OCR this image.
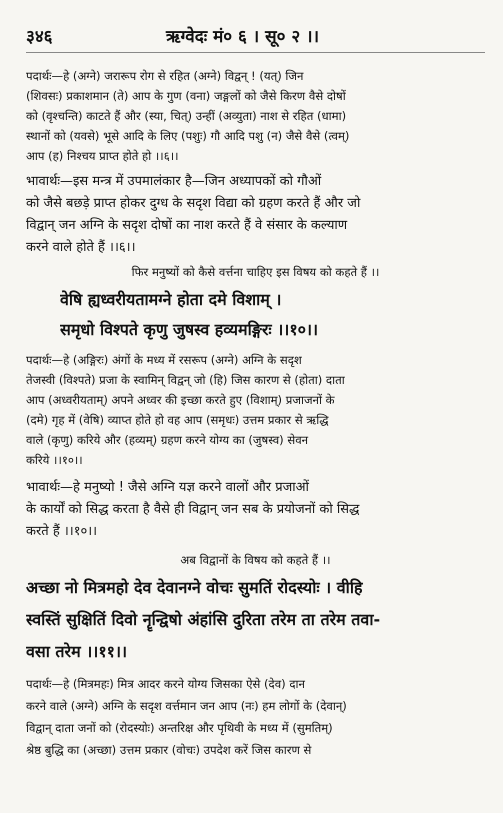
३४६	ऋग्वेदः मं० ६ । सू० २ ।।
पदार्थः—हे (अग्ने) जरारूप रोग से रहित (अग्ने) विद्वन् ! (यत्) जिन
(शिवसः) प्रकाशमान (ते) आप के गुण (वना) जङ्गलों को जैसे किरण वैसे दोषों
को (वृश्चन्ति) काटते हैं और (स्या, चित्) उन्हीं (अव्युता) नाश से रहित (धामा)
स्थानों को (यवसे) भूसे आदि के लिए (पशुः) गौ आदि पशु (न) जैसे वैसे (त्वम्)
आप (ह) निश्चय प्राप्त होते हो ।।६।।
भावार्थः—इस मन्त्र में उपमालंकार है—जिन अध्यापकों को गौओं
को जैसे बछड़े प्राप्त होकर दुग्ध के सदृश विद्या को ग्रहण करते हैं और जो
विद्वान् जन अग्नि के सदृश दोषों का नाश करते हैं वे संसार के कल्याण
करने वाले होते हैं ।।६।।
फिर मनुष्यों को कैसे वर्त्तना चाहिए इस विषय को कहते हैं ।।
वेषि ह्यध्वरीयतामग्ने होता दमे विशाम् ।
समृधो विश्पते कृणु जुषस्व हव्यमङ्गिरः ।।१०।।
पदार्थः—हे (अङ्गिरः) अंगों के मध्य में रसरूप (अग्ने) अग्नि के सदृश
तेजस्वी (विश्पते) प्रजा के स्वामिन् विद्वन् जो (हि) जिस कारण से (होता) दाता
आप (अध्वरीयताम्) अपने अध्वर की इच्छा करते हुए (विशाम्) प्रजाजनों के
(दमे) गृह में (वेषि) व्याप्त होते हो वह आप (समृधः) उत्तम प्रकार से ऋद्धि
वाले (कृणु) करिये और (हव्यम्) ग्रहण करने योग्य का (जुषस्व) सेवन
करिये ।।१०।।
भावार्थः—हे मनुष्यो ! जैसे अग्नि यज्ञ करने वालों और प्रजाओं
के कार्यों को सिद्ध करता है वैसे ही विद्वान् जन सब के प्रयोजनों को सिद्ध
करते हैं ।।१०।।
अब विद्वानों के विषय को कहते हैं ।।
अच्छा नो मित्रमहो देव देवानग्ने वोचः सुमतिं रोदस्योः । वीहि
स्वस्तिं सुक्षितिं दिवो नॄन्द्विषो अंहांसि दुरिता तरेम ता तरेम तवा-
वसा तरेम ।।११।।
पदार्थः—हे (मित्रमहः) मित्र आदर करने योग्य जिसका ऐसे (देव) दान
करने वाले (अग्ने) अग्नि के सदृश वर्त्तमान जन आप (नः) हम लोगों के (देवान्)
विद्वान् दाता जनों को (रोदस्योः) अन्तरिक्ष और पृथिवी के मध्य में (सुमतिम्)
श्रेष्ठ बुद्धि का (अच्छा) उत्तम प्रकार (वोचः) उपदेश करें जिस कारण से
